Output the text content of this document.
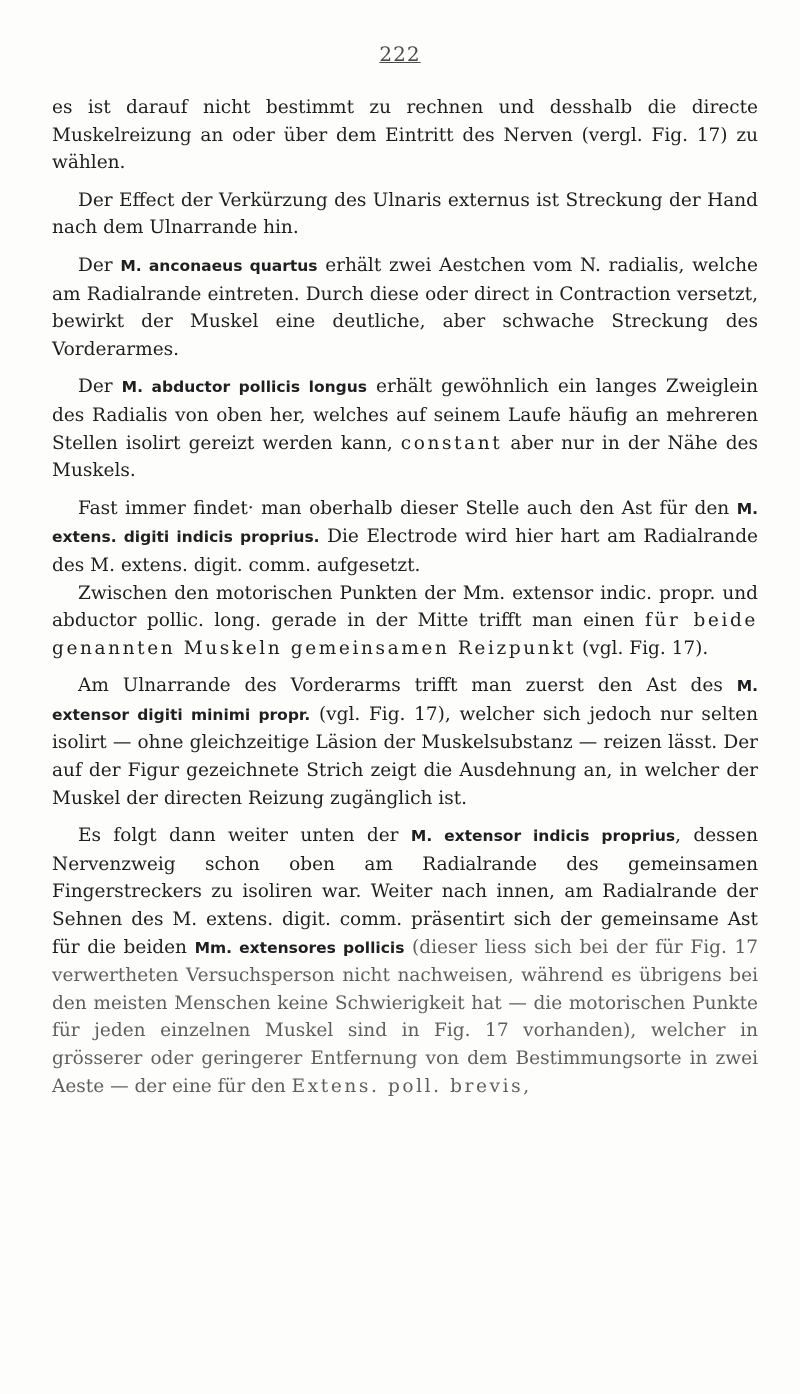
222

es ist darauf nicht bestimmt zu rechnen und desshalb die directe Muskelreizung an oder über dem Eintritt des Nerven (vergl. Fig. 17) zu wählen.

Der Effect der Verkürzung des Ulnaris externus ist Streckung der Hand nach dem Ulnarrande hin.

Der M. anconaeus quartus erhält zwei Aestchen vom N. radialis, welche am Radialrande eintreten. Durch diese oder direct in Contraction versetzt, bewirkt der Muskel eine deutliche, aber schwache Streckung des Vorderarmes.

Der M. abductor pollicis longus erhält gewöhnlich ein langes Zweiglein des Radialis von oben her, welches auf seinem Laufe häufig an mehreren Stellen isolirt gereizt werden kann, constant aber nur in der Nähe des Muskels.

Fast immer findet· man oberhalb dieser Stelle auch den Ast für den M. extens. digiti indicis proprius. Die Electrode wird hier hart am Radialrande des M. extens. digit. comm. aufgesetzt.

Zwischen den motorischen Punkten der Mm. extensor indic. propr. und abductor pollic. long. gerade in der Mitte trifft man einen für beide genannten Muskeln gemeinsamen Reizpunkt (vgl. Fig. 17).

Am Ulnarrande des Vorderarms trifft man zuerst den Ast des M. extensor digiti minimi propr. (vgl. Fig. 17), welcher sich jedoch nur selten isolirt — ohne gleichzeitige Läsion der Muskelsubstanz — reizen lässt. Der auf der Figur gezeichnete Strich zeigt die Ausdehnung an, in welcher der Muskel der directen Reizung zugänglich ist.

Es folgt dann weiter unten der M. extensor indicis proprius, dessen Nervenzweig schon oben am Radialrande des gemeinsamen Fingerstreckers zu isoliren war. Weiter nach innen, am Radialrande der Sehnen des M. extens. digit. comm. präsentirt sich der gemeinsame Ast für die beiden Mm. extensores pollicis (dieser liess sich bei der für Fig. 17 verwertheten Versuchsperson nicht nachweisen, während es übrigens bei den meisten Menschen keine Schwierigkeit hat — die motorischen Punkte für jeden einzelnen Muskel sind in Fig. 17 vorhanden), welcher in grösserer oder geringerer Entfernung von dem Bestimmungsorte in zwei Aeste — der eine für den Extens. poll. brevis,
